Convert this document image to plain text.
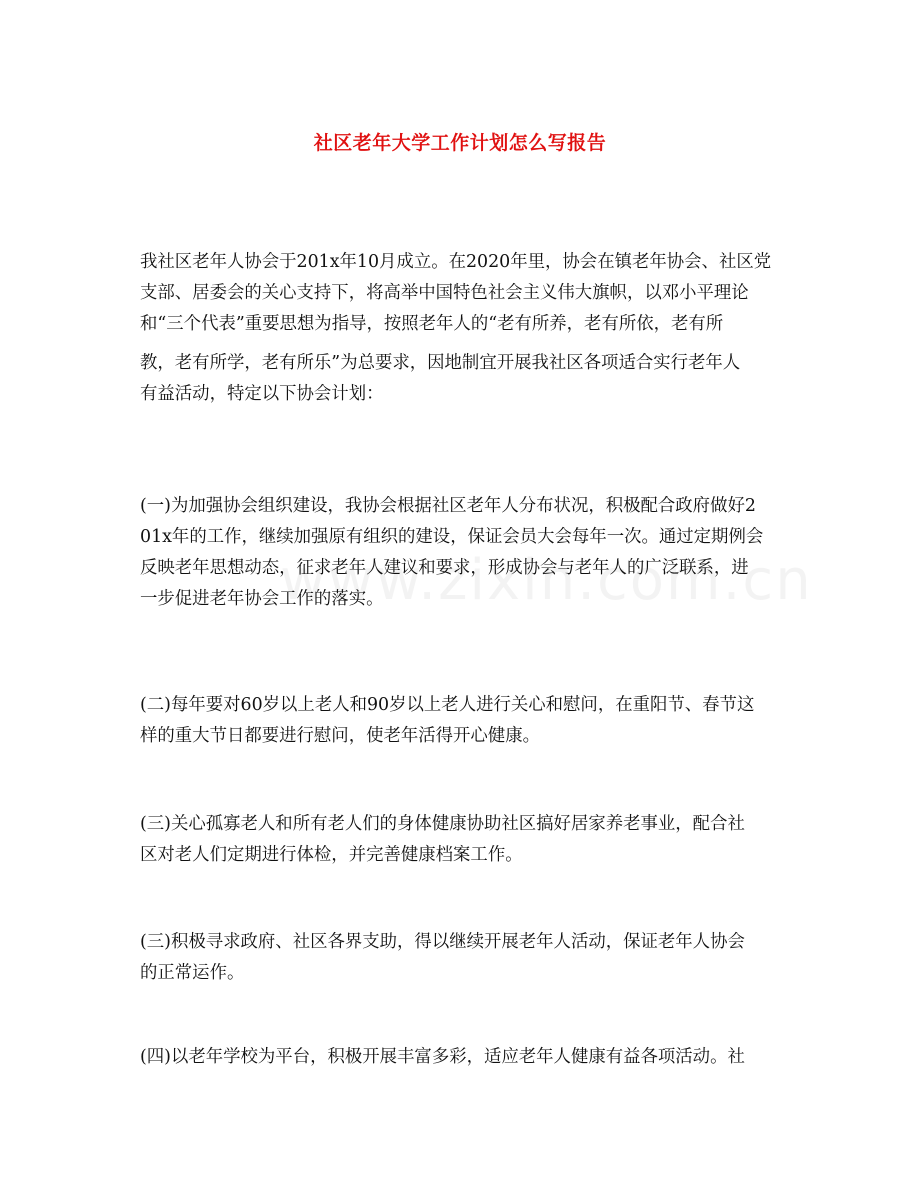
社区老年大学工作计划怎么写报告

我社区老年人协会于201x年10月成立。在2020年里，协会在镇老年协会、社区党
支部、居委会的关心支持下，将高举中国特色社会主义伟大旗帜，以邓小平理论
和“三个代表”重要思想为指导，按照老年人的“老有所养，老有所依，老有所
教，老有所学，老有所乐”为总要求，因地制宜开展我社区各项适合实行老年人
有益活动，特定以下协会计划：

(一)为加强协会组织建设，我协会根据社区老年人分布状况，积极配合政府做好2
01x年的工作，继续加强原有组织的建设，保证会员大会每年一次。通过定期例会
反映老年思想动态，征求老年人建议和要求，形成协会与老年人的广泛联系，进
一步促进老年协会工作的落实。

(二)每年要对60岁以上老人和90岁以上老人进行关心和慰问，在重阳节、春节这
样的重大节日都要进行慰问，使老年活得开心健康。

(三)关心孤寡老人和所有老人们的身体健康协助社区搞好居家养老事业，配合社
区对老人们定期进行体检，并完善健康档案工作。

(三)积极寻求政府、社区各界支助，得以继续开展老年人活动，保证老年人协会
的正常运作。

(四)以老年学校为平台，积极开展丰富多彩，适应老年人健康有益各项活动。社
